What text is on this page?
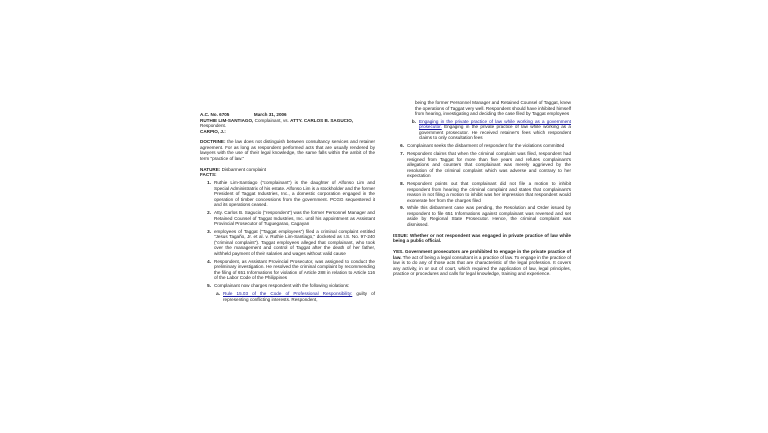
A.C. No. 6705	March 31, 2006
RUTHIE LIM-SANTIAGO, Complainant, vs. ATTY. CARLOS B. SAGUCIO,
Respondent.
CARPIO, J.:

DOCTRINE: the law does not distinguish between consultancy services and retainer agreement. For as long as respondent performed acts that are usually rendered by lawyers with the use of their legal knowledge, the same falls within the ambit of the term "practice of law."

NATURE: Disbarment complaint

FACTS:

1. Ruthie Lim-Santiago ("complainant") is the daughter of Alfonso Lim and Special Administratrix of his estate. Alfonso Lim is a stockholder and the former President of Taggat Industries, Inc., a domestic corporation engaged in the operation of timber concessions from the government. PCGG sequestered it and its operations ceased.
2. Atty. Carlos B. Sagucio ("respondent") was the former Personnel Manager and Retained Counsel of Taggat Industries, Inc. until his appointment as Assistant Provincial Prosecutor of Tuguegarao, Cagayan
3. employees of Taggat ("Taggat employees") filed a criminal complaint entitled "Jesus Tagaño, Jr. et al. v. Ruthie Lim-Santiago," docketed as I.S. No. 97-240 ("criminal complaint"). Taggat employees alleged that complainant, who took over the management and control of Taggat after the death of her father, withheld payment of their salaries and wages without valid cause
4. Respondent, as Assistant Provincial Prosecutor, was assigned to conduct the preliminary investigation. He resolved the criminal complaint by recommending the filing of 651 Informations for violation of Article 288 in relation to Article 116 of the Labor Code of the Philippines
5. Complainant now charges respondent with the following violations:
a. Rule 15.03 of the Code of Professional Responsibility: guilty of representing conflicting interests. Respondent,

being the former Personnel Manager and Retained Counsel of Taggat, knew the operations of Taggat very well. Respondent should have inhibited himself from hearing, investigating and deciding the case filed by Taggat employees

b. Engaging in the private practice of law while working as a government prosecutor. Engaging in the private practice of law while working as a government prosecutor. He received retainer's fees which respondent claims to only consultation fees
6. Complainant seeks the disbarment of respondent for the violations committed
7. Respondent claims that when the criminal complaint was filed, respondent had resigned from Taggat for more than five years and refutes complainant's allegations and counters that complainant was merely aggrieved by the resolution of the criminal complaint which was adverse and contrary to her expectation
8. Respondent points out that complainant did not file a motion to inhibit respondent from hearing the criminal complaint and states that complainant's reason in not filing a motion to inhibit was her impression that respondent would exonerate her from the charges filed
9. While this disbarment case was pending, the Resolution and Order issued by respondent to file 651 Informations against complainant was reversed and set aside by Regional State Prosecutor. Hence, the criminal complaint was dismissed.

ISSUE: Whether or not respondent was engaged in private practice of law while being a public official.

YES. Government prosecutors are prohibited to engage in the private practice of law. The act of being a legal consultant is a practice of law. To engage in the practice of law is to do any of those acts that are characteristic of the legal profession. It covers any activity, in or out of court, which required the application of law, legal principles, practice or procedures and calls for legal knowledge, training and experience.
